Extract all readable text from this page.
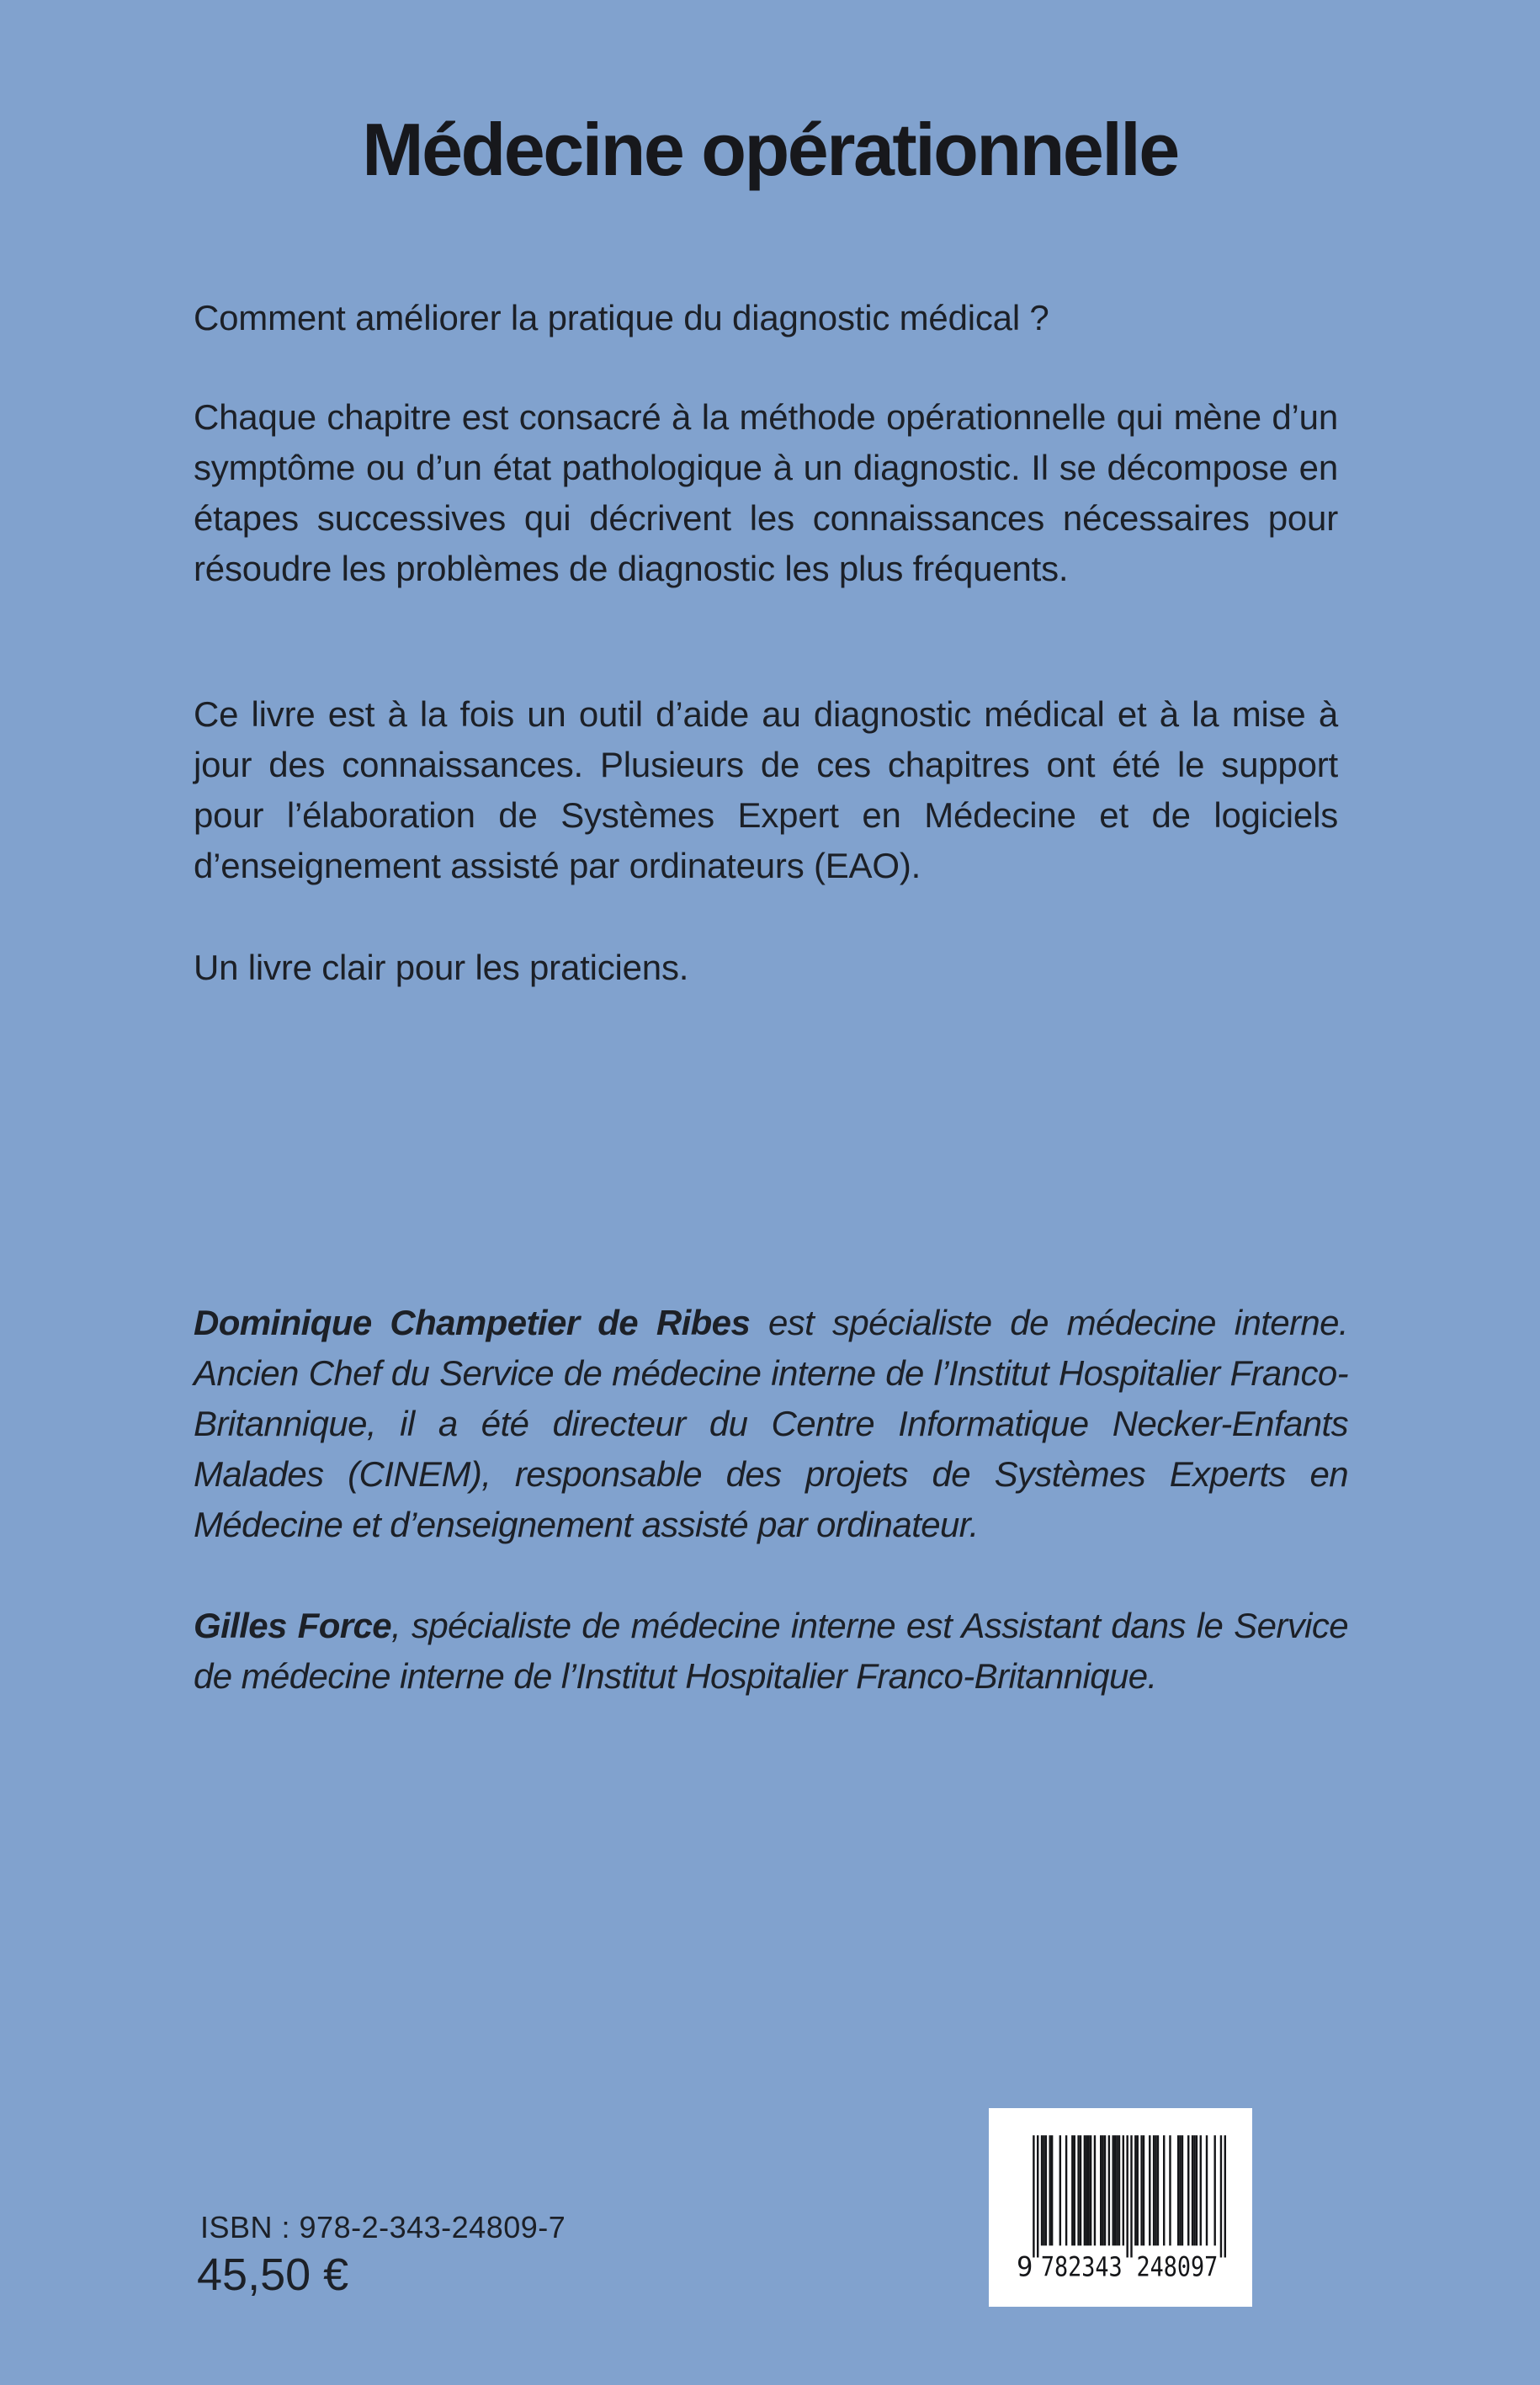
Médecine opérationnelle

Comment améliorer la pratique du diagnostic médical ?

Chaque chapitre est consacré à la méthode opérationnelle qui mène d’un symptôme ou d’un état pathologique à un diagnostic. Il se décompose en étapes successives qui décrivent les connaissances nécessaires pour résoudre les problèmes de diagnostic les plus fréquents.

Ce livre est à la fois un outil d’aide au diagnostic médical et à la mise à jour des connaissances. Plusieurs de ces chapitres ont été le support pour l’élaboration de Systèmes Expert en Médecine et de logiciels d’enseignement assisté par ordinateurs (EAO).

Un livre clair pour les praticiens.

Dominique Champetier de Ribes est spécialiste de médecine interne. Ancien Chef du Service de médecine interne de l’Institut Hospitalier Franco-Britannique, il a été directeur du Centre Informatique Necker-Enfants Malades (CINEM), responsable des projets de Systèmes Experts en Médecine et d’enseignement assisté par ordinateur.

Gilles Force, spécialiste de médecine interne est Assistant dans le Service de médecine interne de l’Institut Hospitalier Franco-Britannique.

ISBN : 978-2-343-24809-7
45,50 €	9 782343 248097
